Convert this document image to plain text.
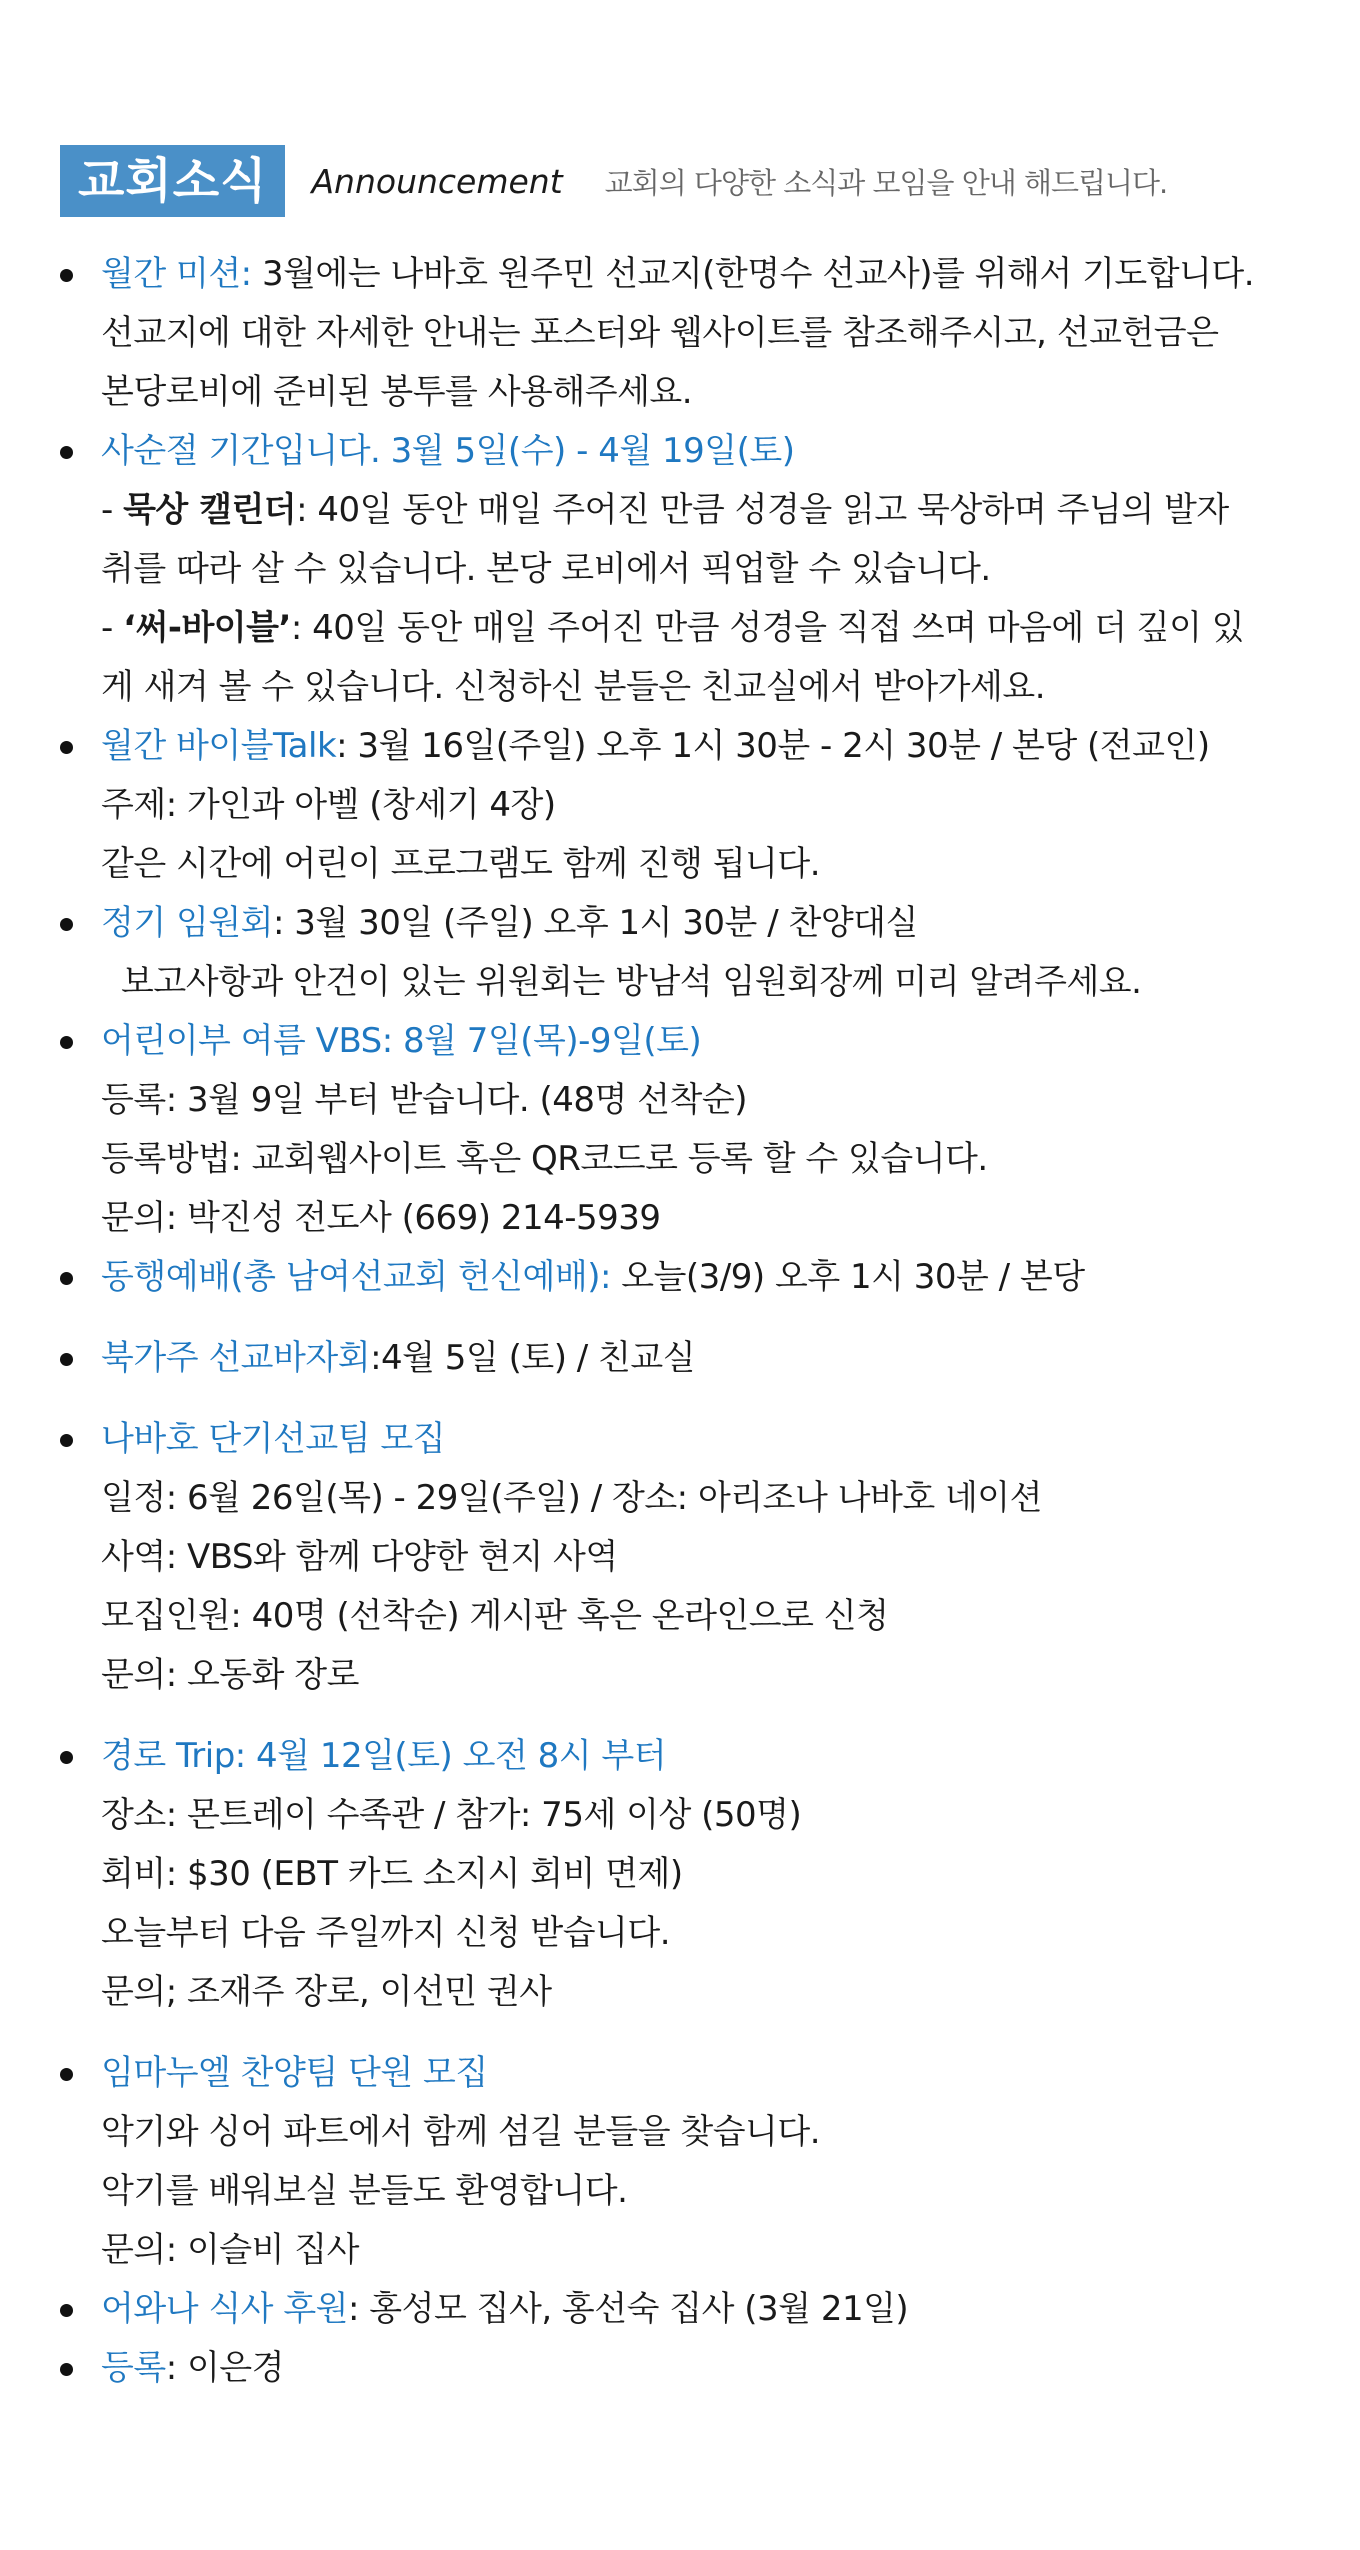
교회소식	Announcement 교회의 다양한 소식과 모임을 안내 해드립니다.
월간 미션: 3월에는 나바호 원주민 선교지(한명수 선교사)를 위해서 기도합니다.
선교지에 대한 자세한 안내는 포스터와 웹사이트를 참조해주시고, 선교헌금은
본당로비에 준비된 봉투를 사용해주세요.
사순절 기간입니다. 3월 5일(수) - 4월 19일(토)
- 묵상 캘린더: 40일 동안 매일 주어진 만큼 성경을 읽고 묵상하며 주님의 발자
취를 따라 살 수 있습니다. 본당 로비에서 픽업할 수 있습니다.
- ‘써-바이블’: 40일 동안 매일 주어진 만큼 성경을 직접 쓰며 마음에 더 깊이 있
게 새겨 볼 수 있습니다. 신청하신 분들은 친교실에서 받아가세요.
월간 바이블Talk: 3월 16일(주일) 오후 1시 30분 - 2시 30분 / 본당 (전교인)
주제: 가인과 아벨 (창세기 4장)
같은 시간에 어린이 프로그램도 함께 진행 됩니다.
정기 임원회: 3월 30일 (주일) 오후 1시 30분 / 찬양대실
보고사항과 안건이 있는 위원회는 방남석 임원회장께 미리 알려주세요.
어린이부 여름 VBS: 8월 7일(목)-9일(토)
등록: 3월 9일 부터 받습니다. (48명 선착순)
등록방법: 교회웹사이트 혹은 QR코드로 등록 할 수 있습니다.
문의: 박진성 전도사 (669) 214-5939
동행예배(총 남여선교회 헌신예배): 오늘(3/9) 오후 1시 30분 / 본당
북가주 선교바자회:4월 5일 (토) / 친교실
나바호 단기선교팀 모집
일정: 6월 26일(목) - 29일(주일) / 장소: 아리조나 나바호 네이션
사역: VBS와 함께 다양한 현지 사역
모집인원: 40명 (선착순) 게시판 혹은 온라인으로 신청
문의: 오동화 장로
경로 Trip: 4월 12일(토) 오전 8시 부터
장소: 몬트레이 수족관 / 참가: 75세 이상 (50명)
회비: $30 (EBT 카드 소지시 회비 면제)
오늘부터 다음 주일까지 신청 받습니다.
문의; 조재주 장로, 이선민 권사
임마누엘 찬양팀 단원 모집
악기와 싱어 파트에서 함께 섬길 분들을 찾습니다.
악기를 배워보실 분들도 환영합니다.
문의: 이슬비 집사
어와나 식사 후원: 홍성모 집사, 홍선숙 집사 (3월 21일)
등록: 이은경
